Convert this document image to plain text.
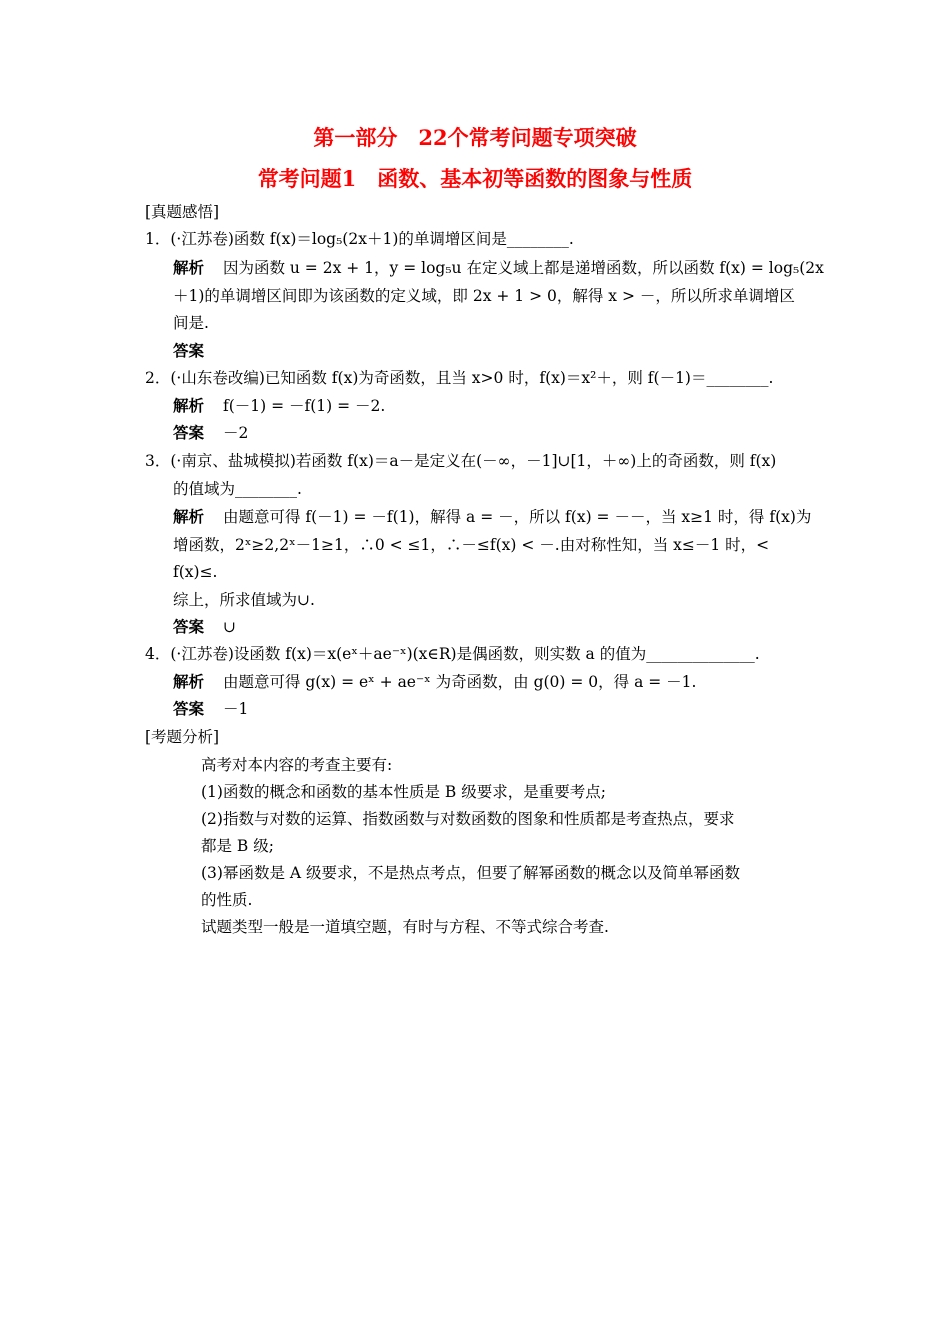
第一部分　22个常考问题专项突破
常考问题1　函数、基本初等函数的图象与性质
[真题感悟]
1．(·江苏卷)函数 f(x)＝log₅(2x＋1)的单调增区间是________.
解析 因为函数 u = 2x + 1，y = log₅u 在定义域上都是递增函数，所以函数 f(x) = log₅(2x
＋1)的单调增区间即为该函数的定义域，即 2x + 1 > 0，解得 x > －，所以所求单调增区
间是.
答案
2．(·山东卷改编)已知函数 f(x)为奇函数，且当 x>0 时，f(x)＝x²＋，则 f(－1)＝________.
解析 f(－1) = －f(1) = －2.
答案 －2
3．(·南京、盐城模拟)若函数 f(x)＝a－是定义在(－∞，－1]∪[1，＋∞)上的奇函数，则 f(x)
的值域为________.
解析 由题意可得 f(－1) = －f(1)，解得 a = －，所以 f(x) = －－，当 x≥1 时，得 f(x)为
增函数，2ˣ≥2,2ˣ－1≥1，∴0 < ≤1，∴－≤f(x) < －.由对称性知，当 x≤－1 时，<
f(x)≤.
综上，所求值域为∪.
答案 ∪
4．(·江苏卷)设函数 f(x)＝x(eˣ＋ae⁻ˣ)(x∈R)是偶函数，则实数 a 的值为______________.
解析 由题意可得 g(x) = eˣ + ae⁻ˣ 为奇函数，由 g(0) = 0，得 a = －1.
答案 －1
[考题分析]
高考对本内容的考查主要有:
(1)函数的概念和函数的基本性质是 B 级要求，是重要考点;
(2)指数与对数的运算、指数函数与对数函数的图象和性质都是考查热点，要求
都是 B 级;
(3)幂函数是 A 级要求，不是热点考点，但要了解幂函数的概念以及简单幂函数
的性质.
试题类型一般是一道填空题，有时与方程、不等式综合考查.
